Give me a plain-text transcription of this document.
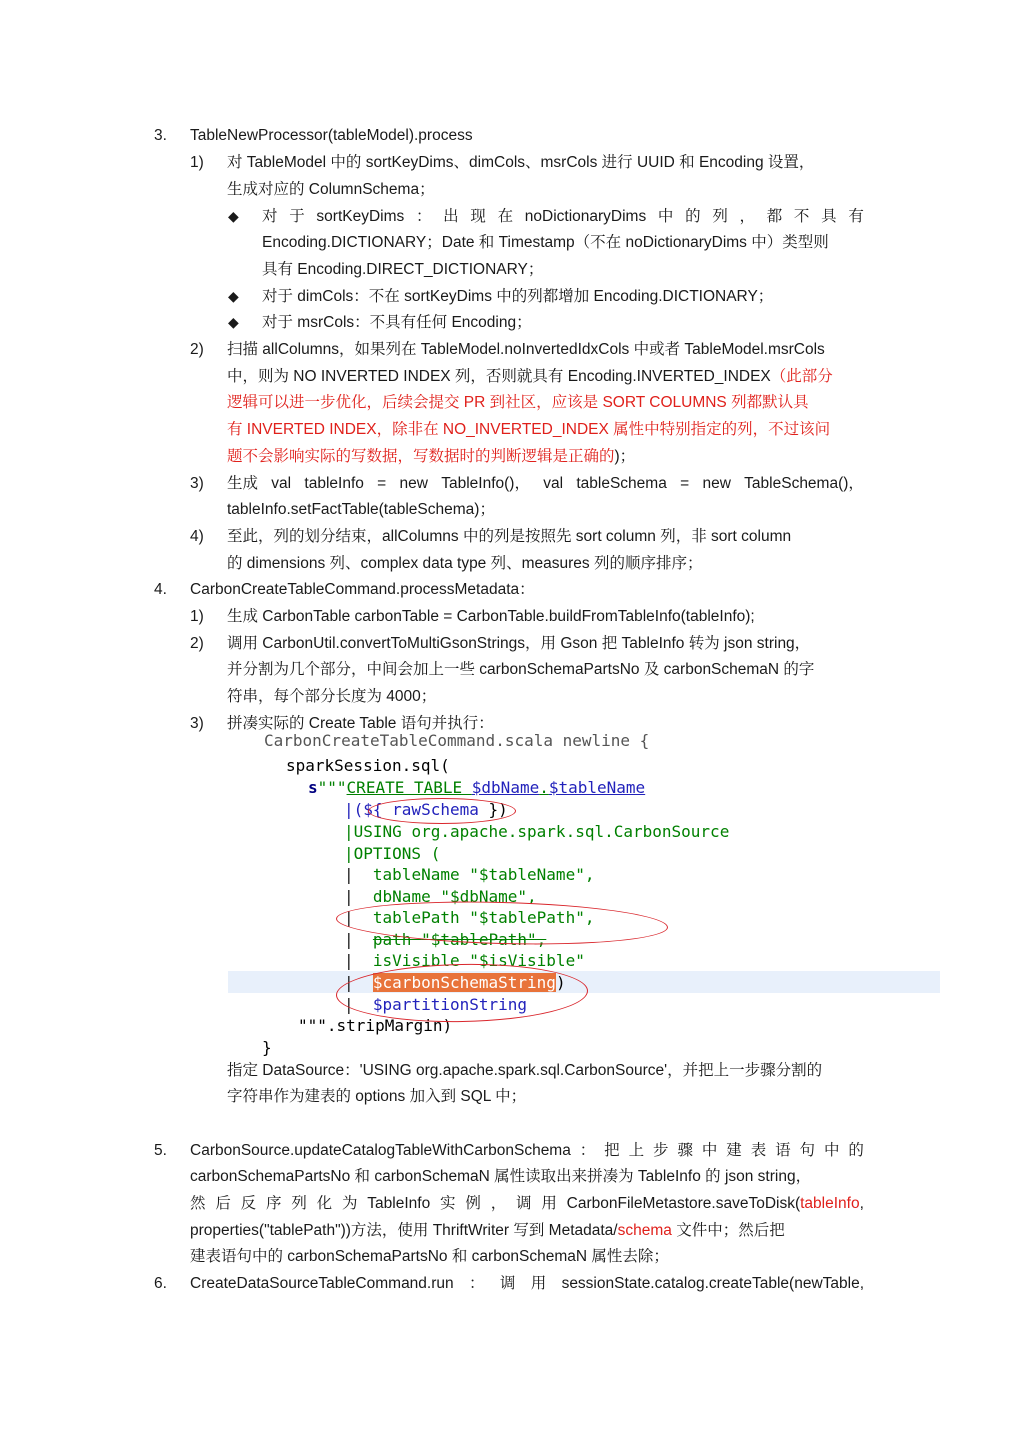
3. TableNewProcessor(tableModel).process
1) 对 TableModel 中的 sortKeyDims、dimCols、msrCols 进行 UUID 和 Encoding 设置，
生成对应的 ColumnSchema；
◆ 对 于 sortKeyDims ： 出 现 在 noDictionaryDims 中 的 列 ， 都 不 具 有
Encoding.DICTIONARY；Date 和 Timestamp（不在 noDictionaryDims 中）类型则
具有 Encoding.DIRECT_DICTIONARY；
◆ 对于 dimCols：不在 sortKeyDims 中的列都增加 Encoding.DICTIONARY；
◆ 对于 msrCols：不具有任何 Encoding；
2) 扫描 allColumns，如果列在 TableModel.noInvertedIdxCols 中或者 TableModel.msrCols
中，则为 NO INVERTED INDEX 列，否则就具有 Encoding.INVERTED_INDEX（此部分
逻辑可以进一步优化，后续会提交 PR 到社区，应该是 SORT COLUMNS 列都默认具
有 INVERTED INDEX，除非在 NO_INVERTED_INDEX 属性中特别指定的列，不过该问
题不会影响实际的写数据，写数据时的判断逻辑是正确的)；
3) 生成 val tableInfo = new TableInfo()， val tableSchema = new TableSchema()，
tableInfo.setFactTable(tableSchema)；
4) 至此，列的划分结束，allColumns 中的列是按照先 sort column 列，非 sort column
的 dimensions 列、complex data type 列、measures 列的顺序排序；
4. CarbonCreateTableCommand.processMetadata：
1) 生成 CarbonTable carbonTable = CarbonTable.buildFromTableInfo(tableInfo);
2) 调用 CarbonUtil.convertToMultiGsonStrings，用 Gson 把 TableInfo 转为 json string，
并分割为几个部分，中间会加上一些 carbonSchemaPartsNo 及 carbonSchemaN 的字
符串，每个部分长度为 4000；
3) 拼凑实际的 Create Table 语句并执行：
CarbonCreateTableCommand.scala newline {
sparkSession.sql(
s"""CREATE TABLE $dbName.$tableName
|(${ rawSchema })
|USING org.apache.spark.sql.CarbonSource
|OPTIONS (
|  tableName "$tableName",
|  dbName "$dbName",
|  tablePath "$tablePath",
|  path "$tablePath",
|  isVisible "$isVisible"
|  $carbonSchemaString)
|  $partitionString
""".stripMargin)
}
指定 DataSource：'USING org.apache.spark.sql.CarbonSource'，并把上一步骤分割的
字符串作为建表的 options 加入到 SQL 中；
5. CarbonSource.updateCatalogTableWithCarbonSchema ： 把 上 步 骤 中 建 表 语 句 中 的
carbonSchemaPartsNo 和 carbonSchemaN 属性读取出来拼凑为 TableInfo 的 json string，
然 后 反 序 列 化 为 TableInfo 实 例 ， 调 用 CarbonFileMetastore.saveToDisk(tableInfo,
properties("tablePath"))方法，使用 ThriftWriter 写到 Metadata/schema 文件中；然后把
建表语句中的 carbonSchemaPartsNo 和 carbonSchemaN 属性去除；
6. CreateDataSourceTableCommand.run ： 调 用 sessionState.catalog.createTable(newTable,
